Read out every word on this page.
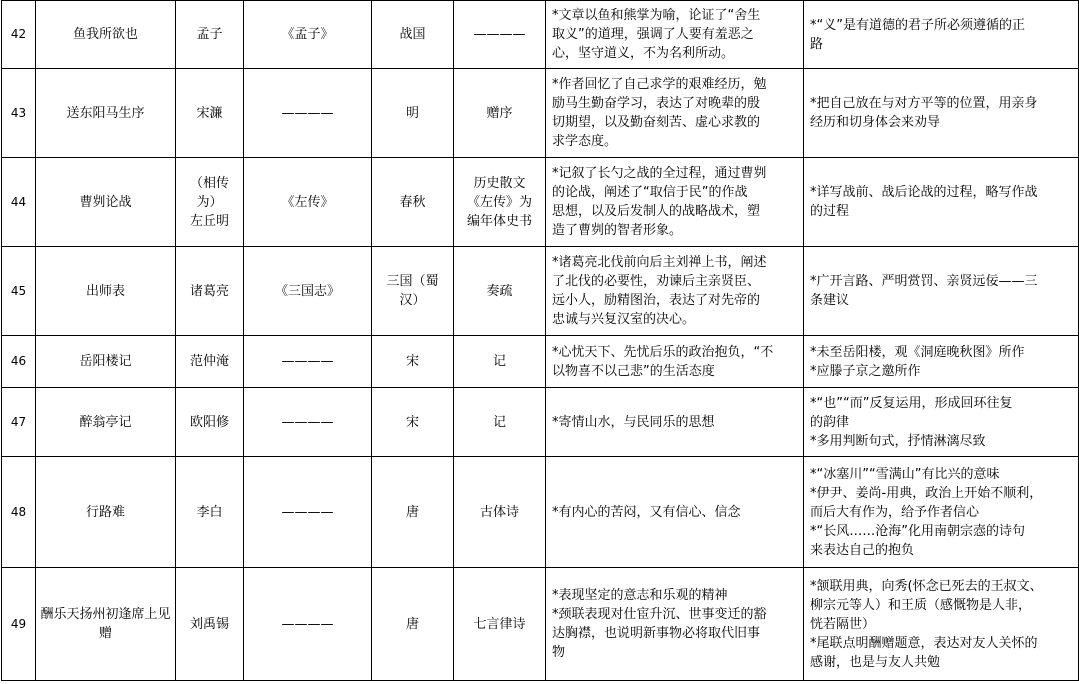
42	鱼我所欲也	孟子	《孟子》	战国	————	*文章以鱼和熊掌为喻，论证了“舍生
取义”的道理，强调了人要有羞恶之
心，坚守道义，不为名利所动。	*“义”是有道德的君子所必须遵循的正
路

43	送东阳马生序	宋濂	————	明	赠序	*作者回忆了自己求学的艰难经历，勉
励马生勤奋学习，表达了对晚辈的殷
切期望，以及勤奋刻苦、虚心求教的
求学态度。	*把自己放在与对方平等的位置，用亲身
经历和切身体会来劝导

44	曹刿论战	（相传
为）
左丘明	《左传》	春秋	历史散文
《左传》为
编年体史书	*记叙了长勺之战的全过程，通过曹刿
的论战，阐述了“取信于民”的作战
思想，以及后发制人的战略战术，塑
造了曹刿的智者形象。	*详写战前、战后论战的过程，略写作战
的过程

45	出师表	诸葛亮	《三国志》	三国（蜀
汉）	奏疏	*诸葛亮北伐前向后主刘禅上书，阐述
了北伐的必要性，劝谏后主亲贤臣、
远小人，励精图治，表达了对先帝的
忠诚与兴复汉室的决心。	*广开言路、严明赏罚、亲贤远佞——三
条建议

46	岳阳楼记	范仲淹	————	宋	记	*心忧天下、先忧后乐的政治抱负，“不
以物喜不以己悲”的生活态度	*未至岳阳楼，观《洞庭晚秋图》所作
*应滕子京之邀所作

47	醉翁亭记	欧阳修	————	宋	记	*寄情山水，与民同乐的思想	*“也”“而”反复运用，形成回环往复
的韵律
*多用判断句式，抒情淋漓尽致

48	行路难	李白	————	唐	古体诗	*有内心的苦闷，又有信心、信念	*“冰塞川”“雪满山”有比兴的意味
*伊尹、姜尚-用典，政治上开始不顺利，
而后大有作为，给予作者信心
*“长风……沧海”化用南朝宗悫的诗句
来表达自己的抱负

49	酬乐天扬州初逢席上见赠	刘禹锡	————	唐	七言律诗	*表现坚定的意志和乐观的精神
*颈联表现对仕宦升沉、世事变迁的豁
达胸襟，也说明新事物必将取代旧事
物	*颔联用典，向秀(怀念已死去的王叔文、
柳宗元等人）和王质（感慨物是人非，
恍若隔世）
*尾联点明酬赠题意，表达对友人关怀的
感谢，也是与友人共勉
